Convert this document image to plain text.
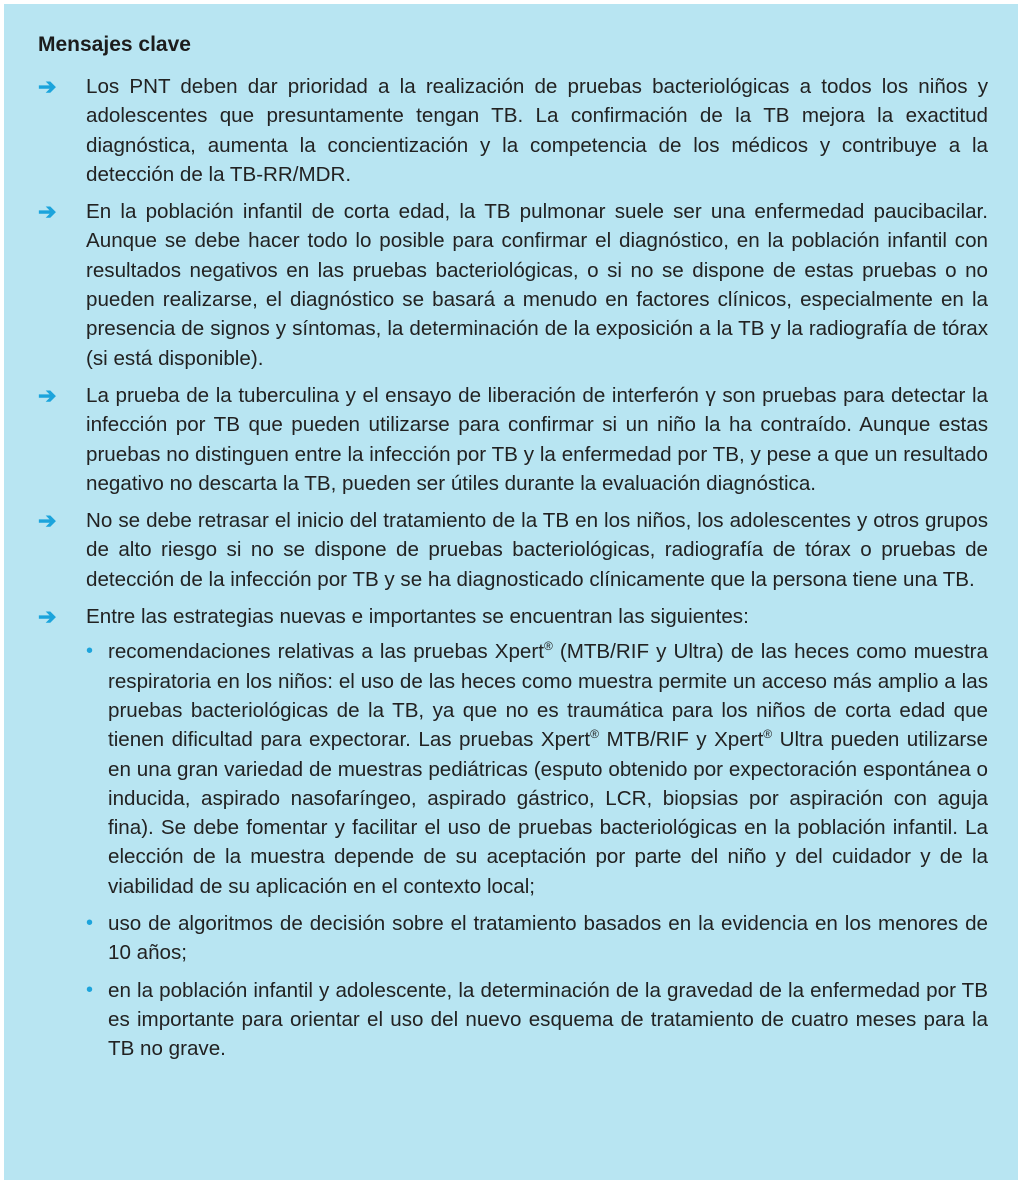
Mensajes clave
➔ Los PNT deben dar prioridad a la realización de pruebas bacteriológicas a todos los niños y adolescentes que presuntamente tengan TB. La confirmación de la TB mejora la exactitud diagnóstica, aumenta la concientización y la competencia de los médicos y contribuye a la detección de la TB-RR/MDR.
➔ En la población infantil de corta edad, la TB pulmonar suele ser una enfermedad paucibacilar. Aunque se debe hacer todo lo posible para confirmar el diagnóstico, en la población infantil con resultados negativos en las pruebas bacteriológicas, o si no se dispone de estas pruebas o no pueden realizarse, el diagnóstico se basará a menudo en factores clínicos, especialmente en la presencia de signos y síntomas, la determinación de la exposición a la TB y la radiografía de tórax (si está disponible).
➔ La prueba de la tuberculina y el ensayo de liberación de interferón γ son pruebas para detectar la infección por TB que pueden utilizarse para confirmar si un niño la ha contraído. Aunque estas pruebas no distinguen entre la infección por TB y la enfermedad por TB, y pese a que un resultado negativo no descarta la TB, pueden ser útiles durante la evaluación diagnóstica.
➔ No se debe retrasar el inicio del tratamiento de la TB en los niños, los adolescentes y otros grupos de alto riesgo si no se dispone de pruebas bacteriológicas, radiografía de tórax o pruebas de detección de la infección por TB y se ha diagnosticado clínicamente que la persona tiene una TB.
➔ Entre las estrategias nuevas e importantes se encuentran las siguientes:
• recomendaciones relativas a las pruebas Xpert® (MTB/RIF y Ultra) de las heces como muestra respiratoria en los niños: el uso de las heces como muestra permite un acceso más amplio a las pruebas bacteriológicas de la TB, ya que no es traumática para los niños de corta edad que tienen dificultad para expectorar. Las pruebas Xpert® MTB/RIF y Xpert® Ultra pueden utilizarse en una gran variedad de muestras pediátricas (esputo obtenido por expectoración espontánea o inducida, aspirado nasofaríngeo, aspirado gástrico, LCR, biopsias por aspiración con aguja fina). Se debe fomentar y facilitar el uso de pruebas bacteriológicas en la población infantil. La elección de la muestra depende de su aceptación por parte del niño y del cuidador y de la viabilidad de su aplicación en el contexto local;
• uso de algoritmos de decisión sobre el tratamiento basados en la evidencia en los menores de 10 años;
• en la población infantil y adolescente, la determinación de la gravedad de la enfermedad por TB es importante para orientar el uso del nuevo esquema de tratamiento de cuatro meses para la TB no grave.
